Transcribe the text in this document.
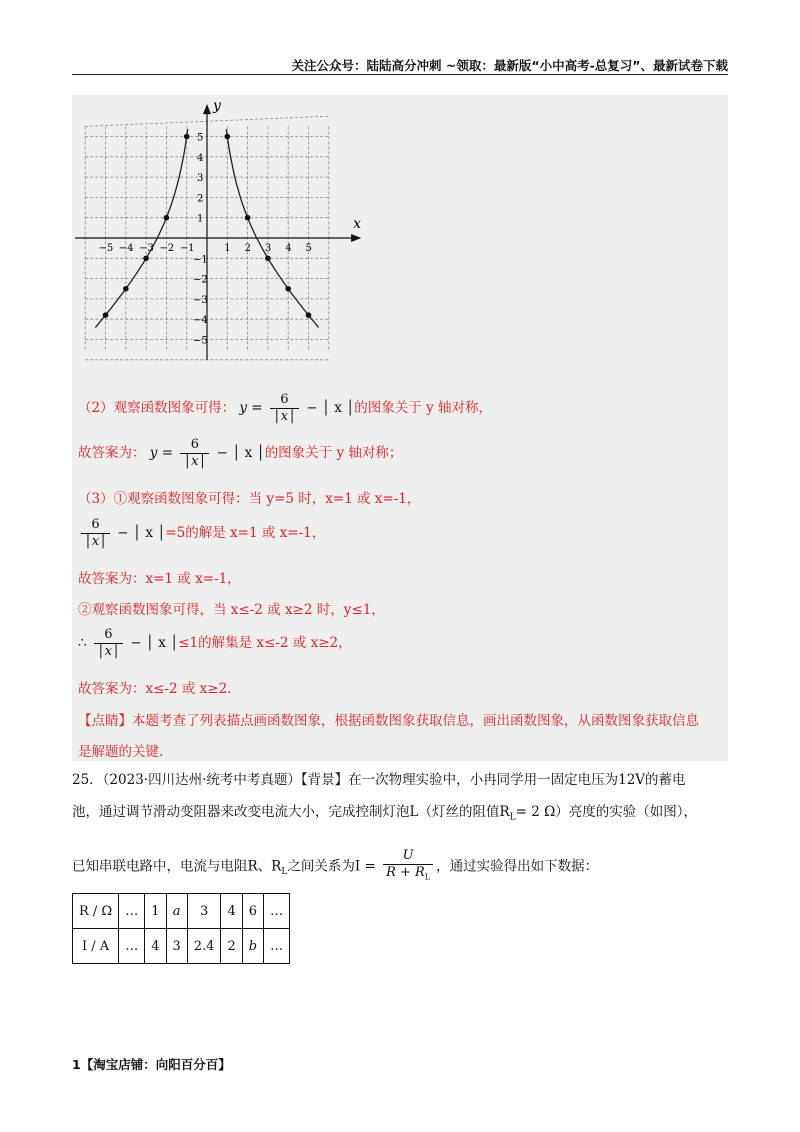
关注公众号：陆陆高分冲刺 ~领取：最新版“小中高考-总复习”、最新试卷下载
x
y
−5 −4 −3 −2 −1	1 2 3 4 5
1
2
3
4
5
−1
−2
−3
−4
−5
（2）观察函数图象可得： $y = \frac{6}{│x│}$ − │ x │的图象关于 y 轴对称，
故答案为： $y = \frac{6}{│x│}$ − │ x │的图象关于 y 轴对称；
（3）①观察函数图象可得：当 y=5 时，x=1 或 x=-1，
$\frac{6}{│x│}$ − │ x │=5的解是 x=1 或 x=-1，
故答案为：x=1 或 x=-1，
②观察函数图象可得，当 x≤-2 或 x≥2 时，y≤1，
∴ $\frac{6}{│x│}$ − │ x │≤1的解集是 x≤-2 或 x≥2，
故答案为：x≤-2 或 x≥2.
【点睛】本题考查了列表描点画函数图象，根据函数图象获取信息，画出函数图象，从函数图象获取信息
是解题的关键.
25．（2023·四川达州·统考中考真题）【背景】在一次物理实验中，小冉同学用一固定电压为12V的蓄电
池，通过调节滑动变阻器来改变电流大小，完成控制灯泡L（灯丝的阻值$R_L= 2$ Ω）亮度的实验（如图），
已知串联电路中，电流与电阻R、$R_L$之间关系为$I = \frac{U}{R + R_L}$ ，通过实验得出如下数据：
R / Ω	…	1	a	3	4	6	…
I / A	…	4	3	2.4	2	b	…
1【淘宝店铺：向阳百分百】
